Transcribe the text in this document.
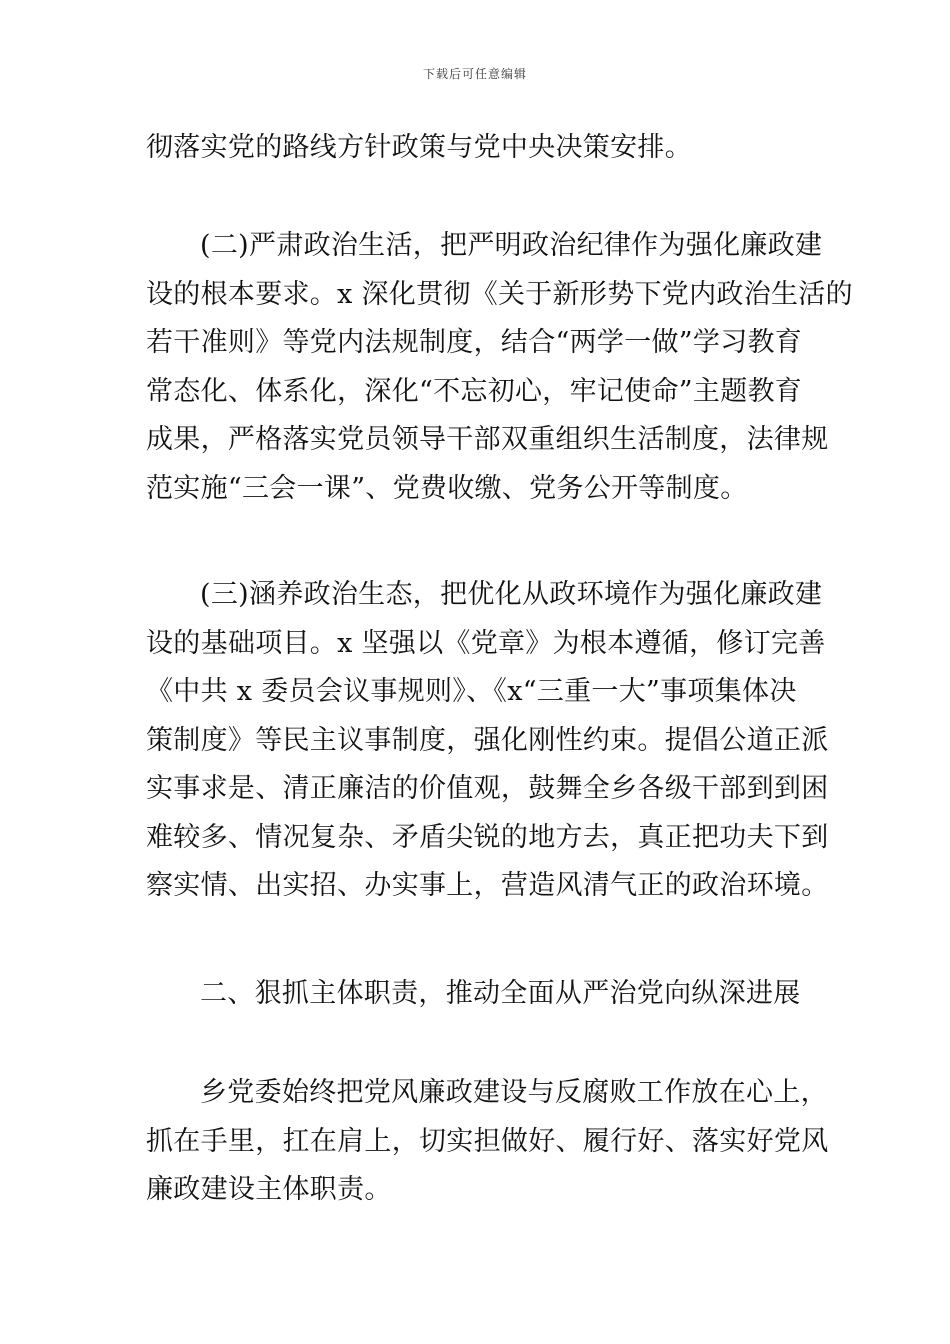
下载后可任意编辑
彻落实党的路线方针政策与党中央决策安排。
(二)严肃政治生活，把严明政治纪律作为强化廉政建
设的根本要求。x 深化贯彻《关于新形势下党内政治生活的
若干准则》等党内法规制度，结合“两学一做”学习教育
常态化、体系化，深化“不忘初心，牢记使命”主题教育
成果，严格落实党员领导干部双重组织生活制度，法律规
范实施“三会一课”、党费收缴、党务公开等制度。
(三)涵养政治生态，把优化从政环境作为强化廉政建
设的基础项目。x 坚强以《党章》为根本遵循，修订完善
《中共 x 委员会议事规则》、《x“三重一大”事项集体决
策制度》等民主议事制度，强化刚性约束。提倡公道正派
实事求是、清正廉洁的价值观，鼓舞全乡各级干部到到困
难较多、情况复杂、矛盾尖锐的地方去，真正把功夫下到
察实情、出实招、办实事上，营造风清气正的政治环境。
二、狠抓主体职责，推动全面从严治党向纵深进展
乡党委始终把党风廉政建设与反腐败工作放在心上，
抓在手里，扛在肩上，切实担做好、履行好、落实好党风
廉政建设主体职责。
